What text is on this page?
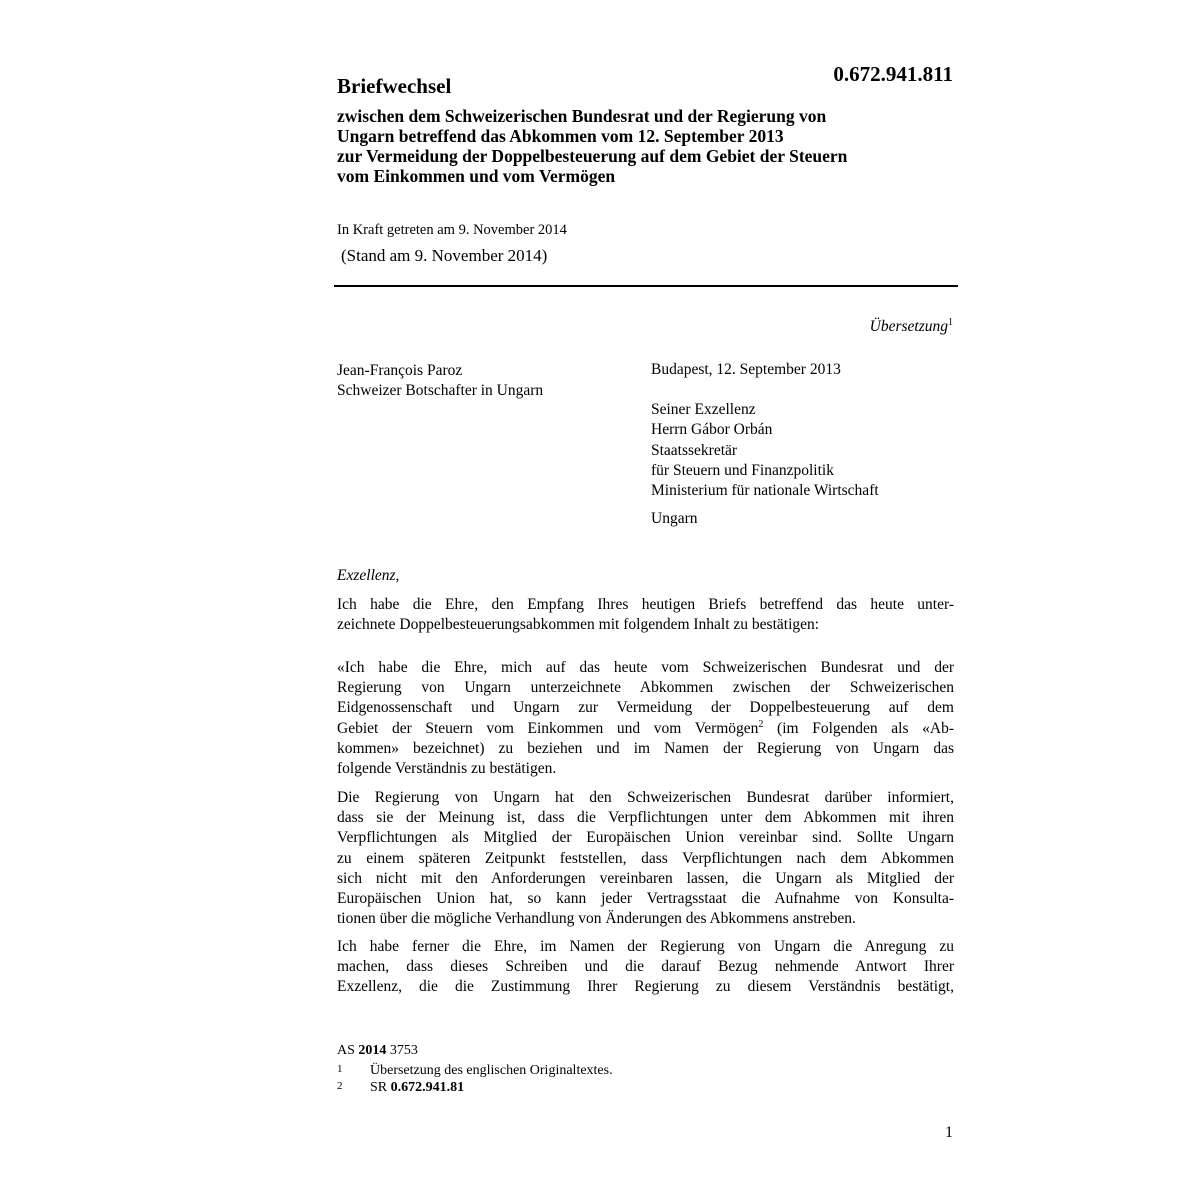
Briefwechsel	0.672.941.811
zwischen dem Schweizerischen Bundesrat und der Regierung von
Ungarn betreffend das Abkommen vom 12. September 2013
zur Vermeidung der Doppelbesteuerung auf dem Gebiet der Steuern
vom Einkommen und vom Vermögen
In Kraft getreten am 9. November 2014
(Stand am 9. November 2014)
Übersetzung$^1$
Jean-François Paroz
Schweizer Botschafter in Ungarn
Budapest, 12. September 2013
Seiner Exzellenz
Herrn Gábor Orbán
Staatssekretär
für Steuern und Finanzpolitik
Ministerium für nationale Wirtschaft
Ungarn
Exzellenz,
Ich habe die Ehre, den Empfang Ihres heutigen Briefs betreffend das heute unter-
zeichnete Doppelbesteuerungsabkommen mit folgendem Inhalt zu bestätigen:
«Ich habe die Ehre, mich auf das heute vom Schweizerischen Bundesrat und der
Regierung von Ungarn unterzeichnete Abkommen zwischen der Schweizerischen
Eidgenossenschaft und Ungarn zur Vermeidung der Doppelbesteuerung auf dem
Gebiet der Steuern vom Einkommen und vom Vermögen$^2$ (im Folgenden als «Ab-
kommen» bezeichnet) zu beziehen und im Namen der Regierung von Ungarn das
folgende Verständnis zu bestätigen.
Die Regierung von Ungarn hat den Schweizerischen Bundesrat darüber informiert,
dass sie der Meinung ist, dass die Verpflichtungen unter dem Abkommen mit ihren
Verpflichtungen als Mitglied der Europäischen Union vereinbar sind. Sollte Ungarn
zu einem späteren Zeitpunkt feststellen, dass Verpflichtungen nach dem Abkommen
sich nicht mit den Anforderungen vereinbaren lassen, die Ungarn als Mitglied der
Europäischen Union hat, so kann jeder Vertragsstaat die Aufnahme von Konsulta-
tionen über die mögliche Verhandlung von Änderungen des Abkommens anstreben.
Ich habe ferner die Ehre, im Namen der Regierung von Ungarn die Anregung zu
machen, dass dieses Schreiben und die darauf Bezug nehmende Antwort Ihrer
Exzellenz, die die Zustimmung Ihrer Regierung zu diesem Verständnis bestätigt,
AS 2014 3753
1 Übersetzung des englischen Originaltextes.
2 SR 0.672.941.81
1
